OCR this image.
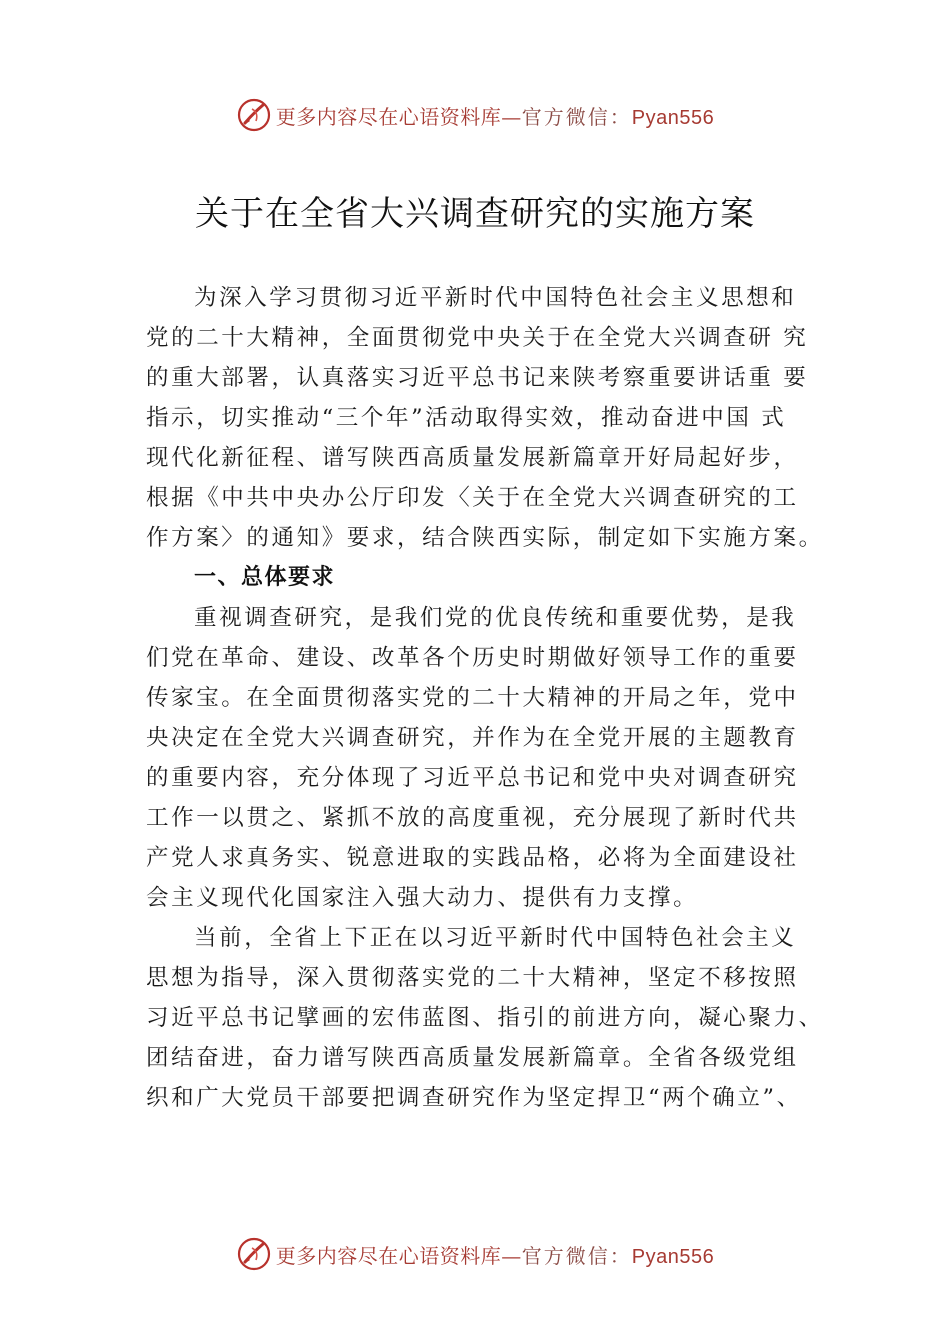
更多内容尽在心语资料库—官方微信：Pyan556
关于在全省大兴调查研究的实施方案
为深入学习贯彻习近平新时代中国特色社会主义思想和
党的二十大精神，全面贯彻党中央关于在全党大兴调查研 究
的重大部署，认真落实习近平总书记来陕考察重要讲话重 要
指示，切实推动“三个年”活动取得实效，推动奋进中国 式
现代化新征程、谱写陕西高质量发展新篇章开好局起好步，
根据《中共中央办公厅印发〈关于在全党大兴调查研究的工
作方案〉的通知》要求，结合陕西实际，制定如下实施方案。
一、总体要求
重视调查研究，是我们党的优良传统和重要优势，是我
们党在革命、建设、改革各个历史时期做好领导工作的重要
传家宝。在全面贯彻落实党的二十大精神的开局之年，党中
央决定在全党大兴调查研究，并作为在全党开展的主题教育
的重要内容，充分体现了习近平总书记和党中央对调查研究
工作一以贯之、紧抓不放的高度重视，充分展现了新时代共
产党人求真务实、锐意进取的实践品格，必将为全面建设社
会主义现代化国家注入强大动力、提供有力支撑。
当前，全省上下正在以习近平新时代中国特色社会主义
思想为指导，深入贯彻落实党的二十大精神，坚定不移按照
习近平总书记擘画的宏伟蓝图、指引的前进方向，凝心聚力、
团结奋进，奋力谱写陕西高质量发展新篇章。全省各级党组
织和广大党员干部要把调查研究作为坚定捍卫“两个确立”、
更多内容尽在心语资料库—官方微信：Pyan556
